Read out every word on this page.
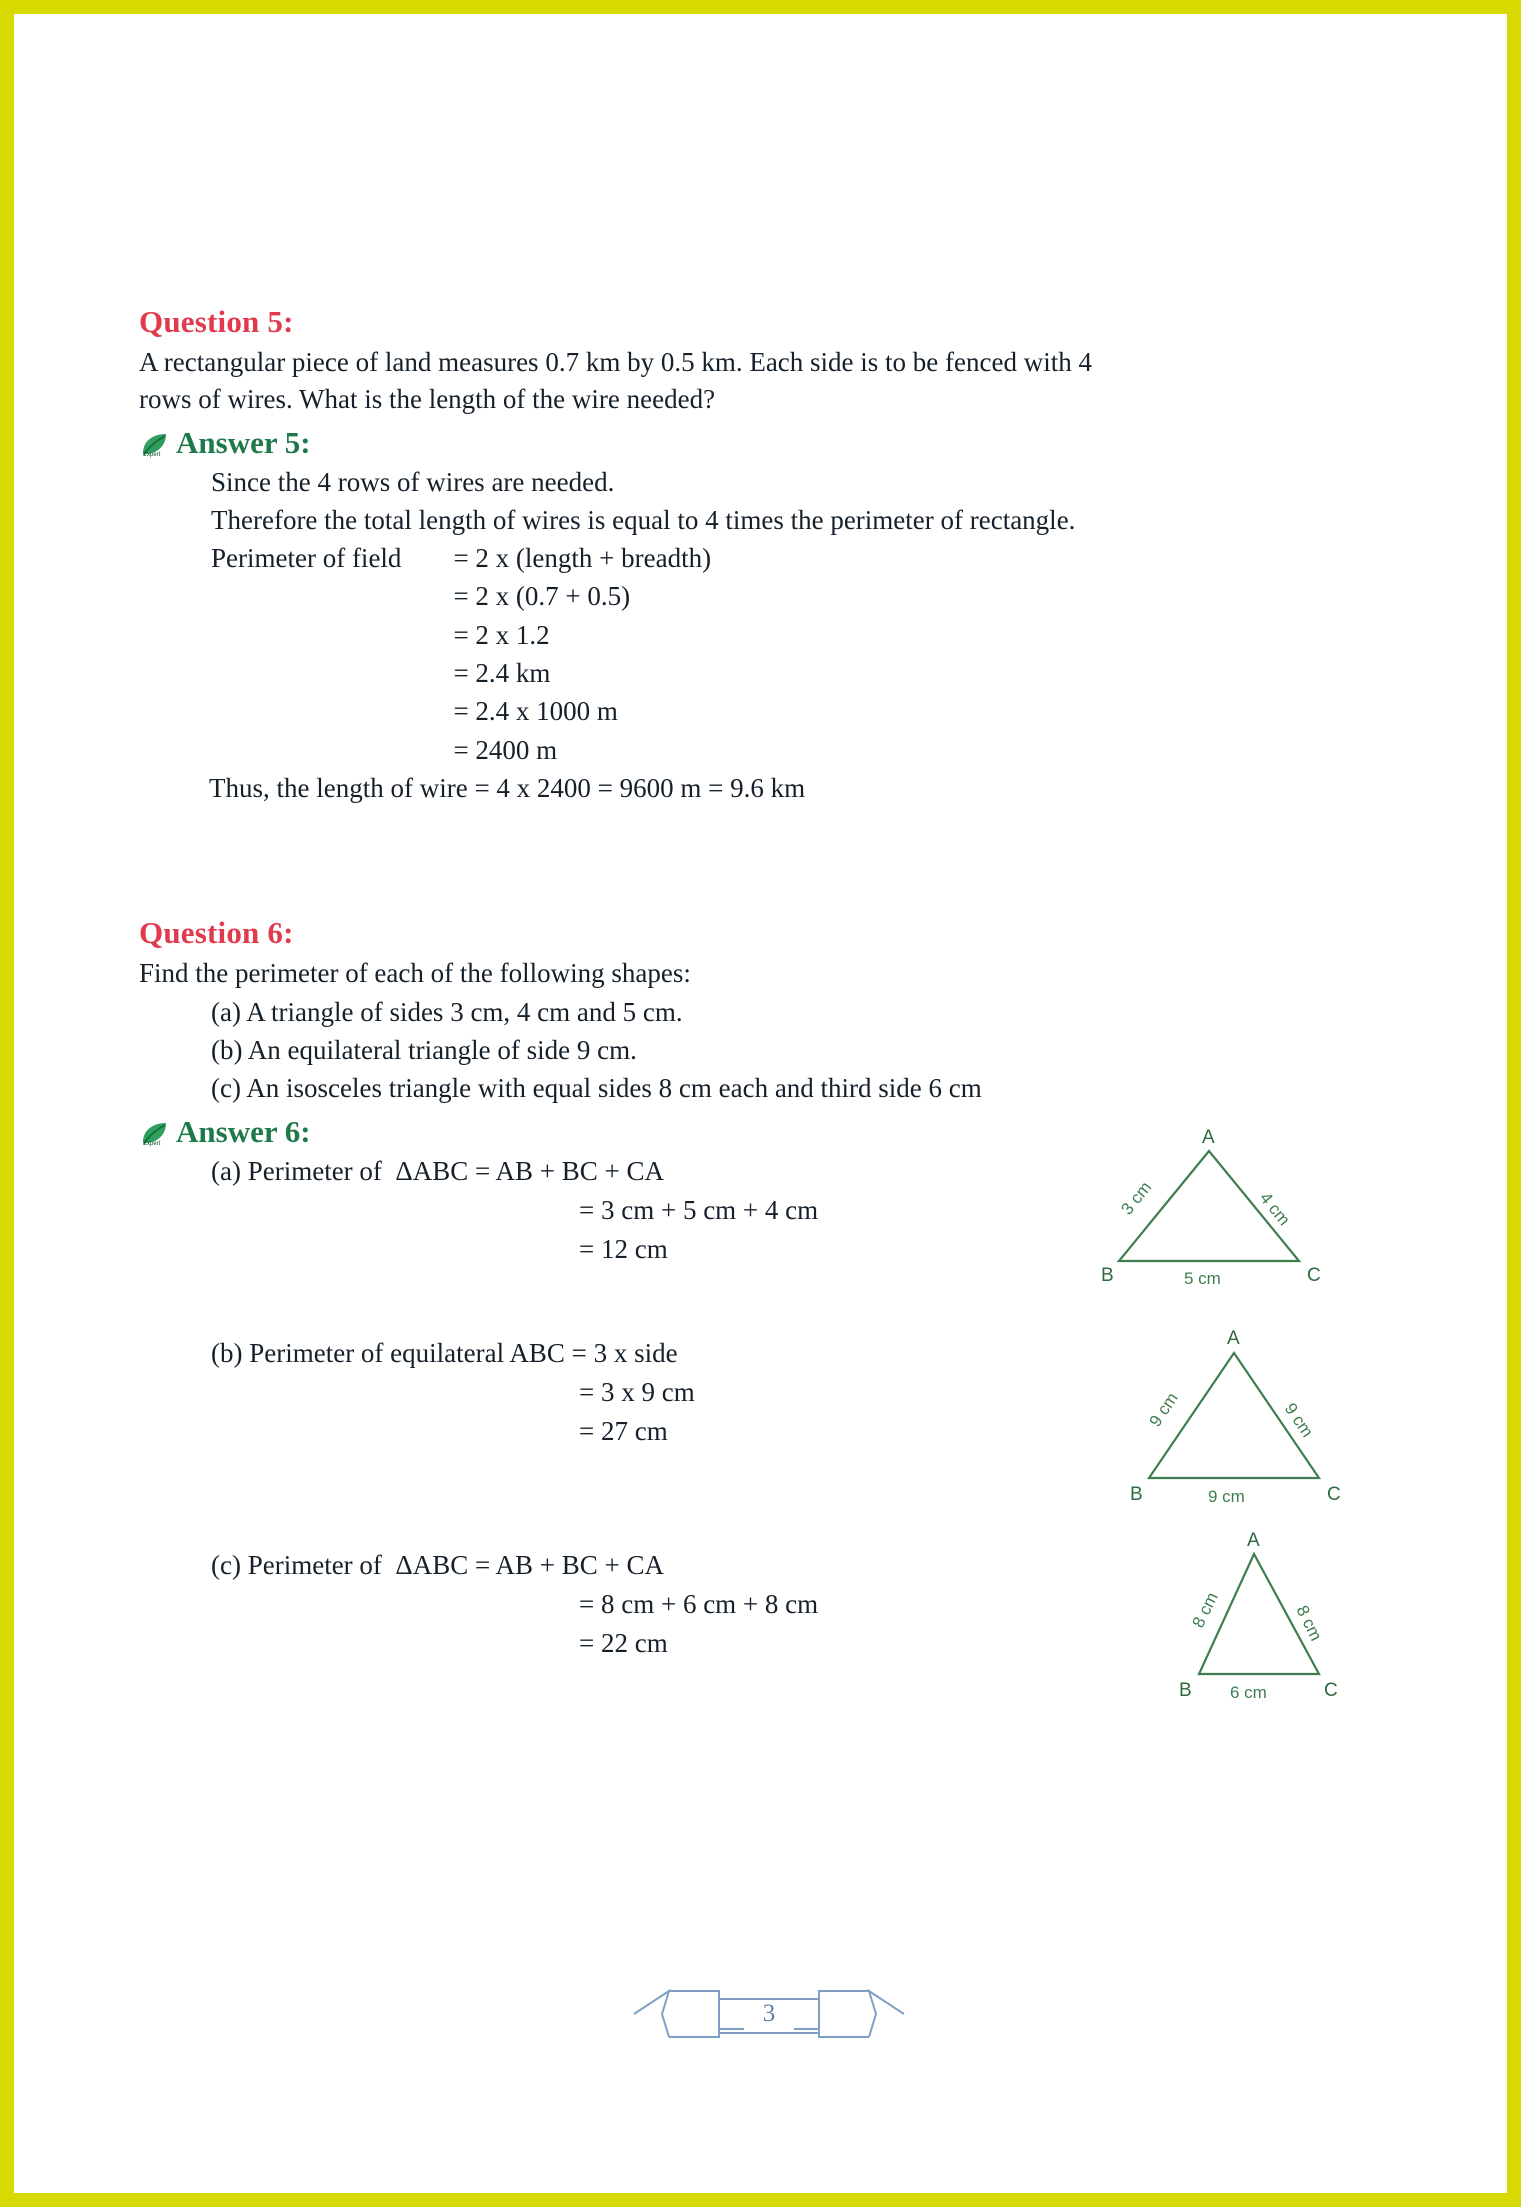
Question 5:
A rectangular piece of land measures 0.7 km by 0.5 km. Each side is to be fenced with 4
rows of wires. What is the length of the wire needed?
Expert Answer 5:
Since the 4 rows of wires are needed.
Therefore the total length of wires is equal to 4 times the perimeter of rectangle.
Perimeter of field	= 2 x (length + breadth)
	= 2 x (0.7 + 0.5)
	= 2 x 1.2
	= 2.4 km
	= 2.4 x 1000 m
	= 2400 m
Thus, the length of wire = 4 x 2400 = 9600 m = 9.6 km
Question 6:
Find the perimeter of each of the following shapes:
(a) A triangle of sides 3 cm, 4 cm and 5 cm.
(b) An equilateral triangle of side 9 cm.
(c) An isosceles triangle with equal sides 8 cm each and third side 6 cm
Expert Answer 6:
(a) Perimeter of  ΔABC = AB + BC + CA
= 3 cm + 5 cm + 4 cm
= 12 cm
A
B	C
3 cm	4 cm
5 cm
(b) Perimeter of equilateral ABC = 3 x side
= 3 x 9 cm
= 27 cm
A
B	C
9 cm	9 cm
9 cm
(c) Perimeter of  ΔABC = AB + BC + CA
= 8 cm + 6 cm + 8 cm
= 22 cm
A
B	C
8 cm	8 cm
6 cm
3
